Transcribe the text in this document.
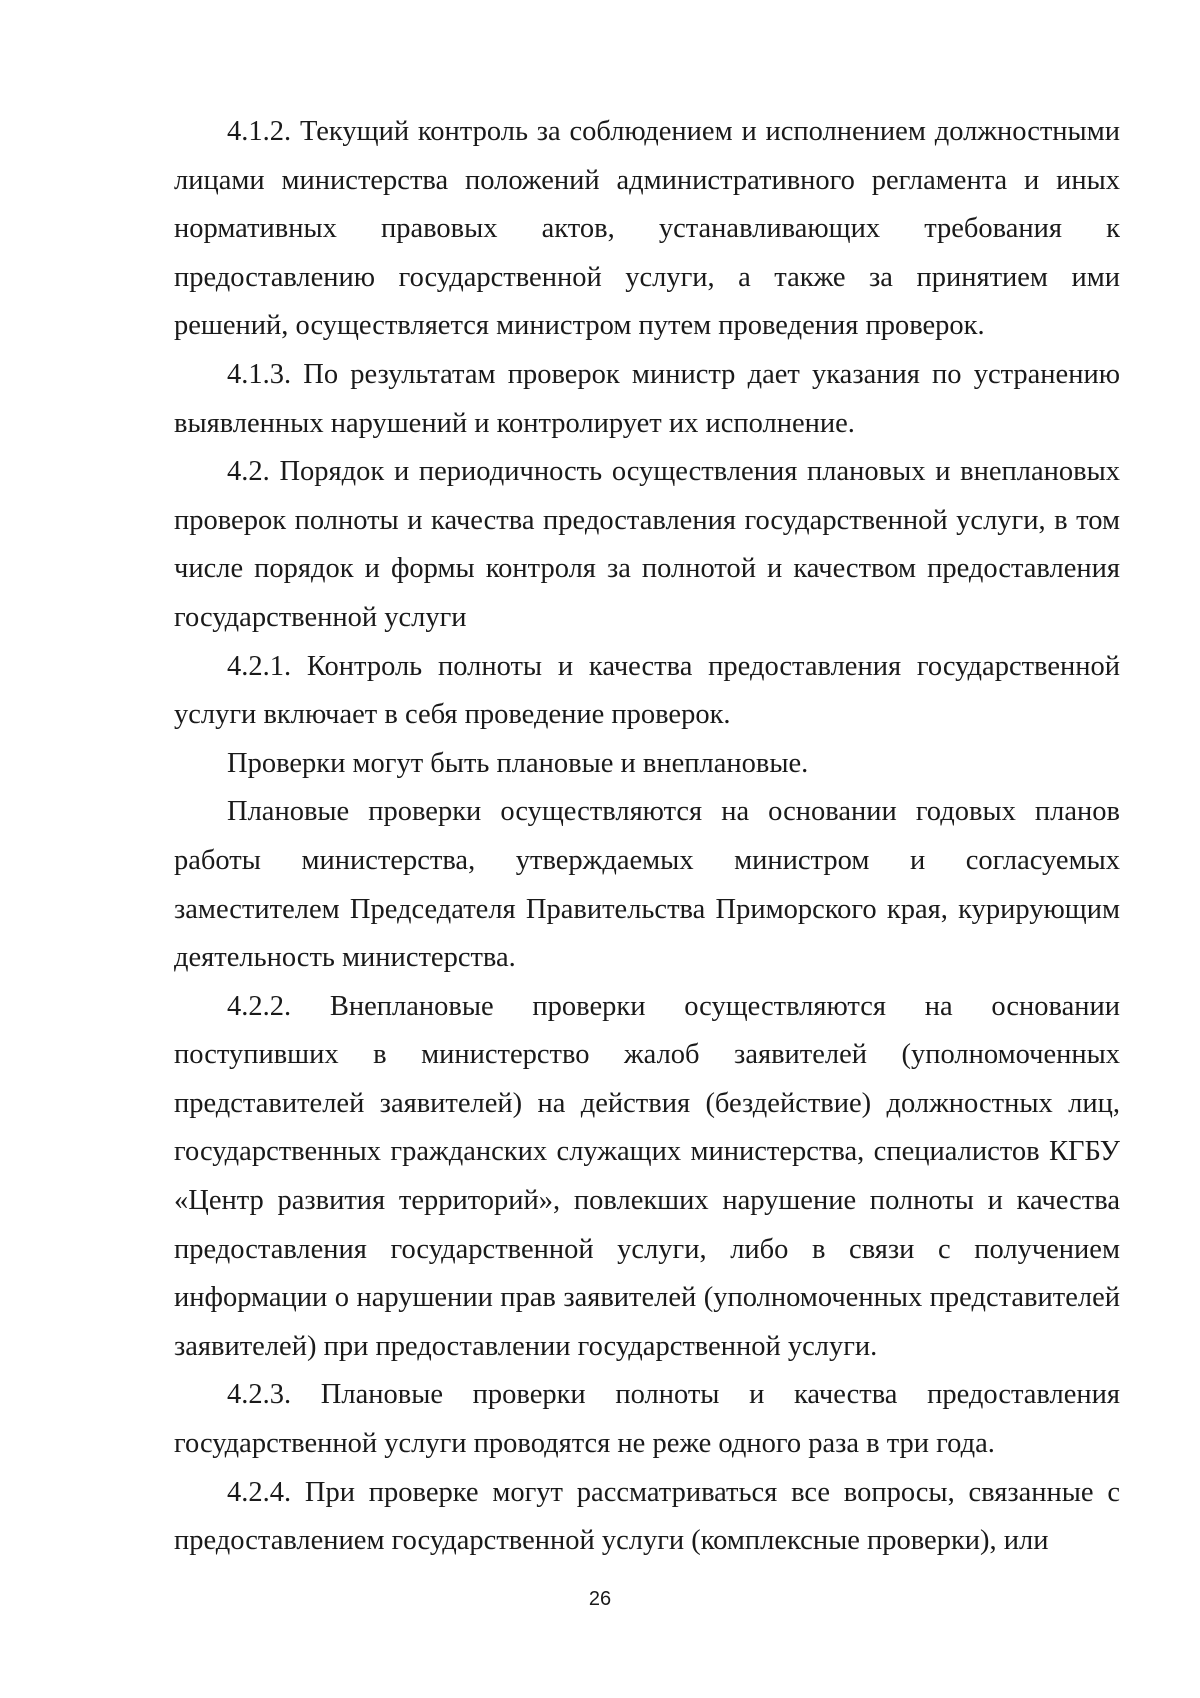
4.1.2. Текущий контроль за соблюдением и исполнением должностными лицами министерства положений административного регламента и иных нормативных правовых актов, устанавливающих требования к предоставлению государственной услуги, а также за принятием ими решений, осуществляется министром путем проведения проверок.

4.1.3. По результатам проверок министр дает указания по устранению выявленных нарушений и контролирует их исполнение.

4.2. Порядок и периодичность осуществления плановых и внеплановых проверок полноты и качества предоставления государственной услуги, в том числе порядок и формы контроля за полнотой и качеством предоставления государственной услуги

4.2.1. Контроль полноты и качества предоставления государственной услуги включает в себя проведение проверок.

Проверки могут быть плановые и внеплановые.

Плановые проверки осуществляются на основании годовых планов работы министерства, утверждаемых министром и согласуемых заместителем Председателя Правительства Приморского края, курирующим деятельность министерства.

4.2.2. Внеплановые проверки осуществляются на основании поступивших в министерство жалоб заявителей (уполномоченных представителей заявителей) на действия (бездействие) должностных лиц, государственных гражданских служащих министерства, специалистов КГБУ «Центр развития территорий», повлекших нарушение полноты и качества предоставления государственной услуги, либо в связи с получением информации о нарушении прав заявителей (уполномоченных представителей заявителей) при предоставлении государственной услуги.

4.2.3. Плановые проверки полноты и качества предоставления государственной услуги проводятся не реже одного раза в три года.

4.2.4. При проверке могут рассматриваться все вопросы, связанные с предоставлением государственной услуги (комплексные проверки), или

26
